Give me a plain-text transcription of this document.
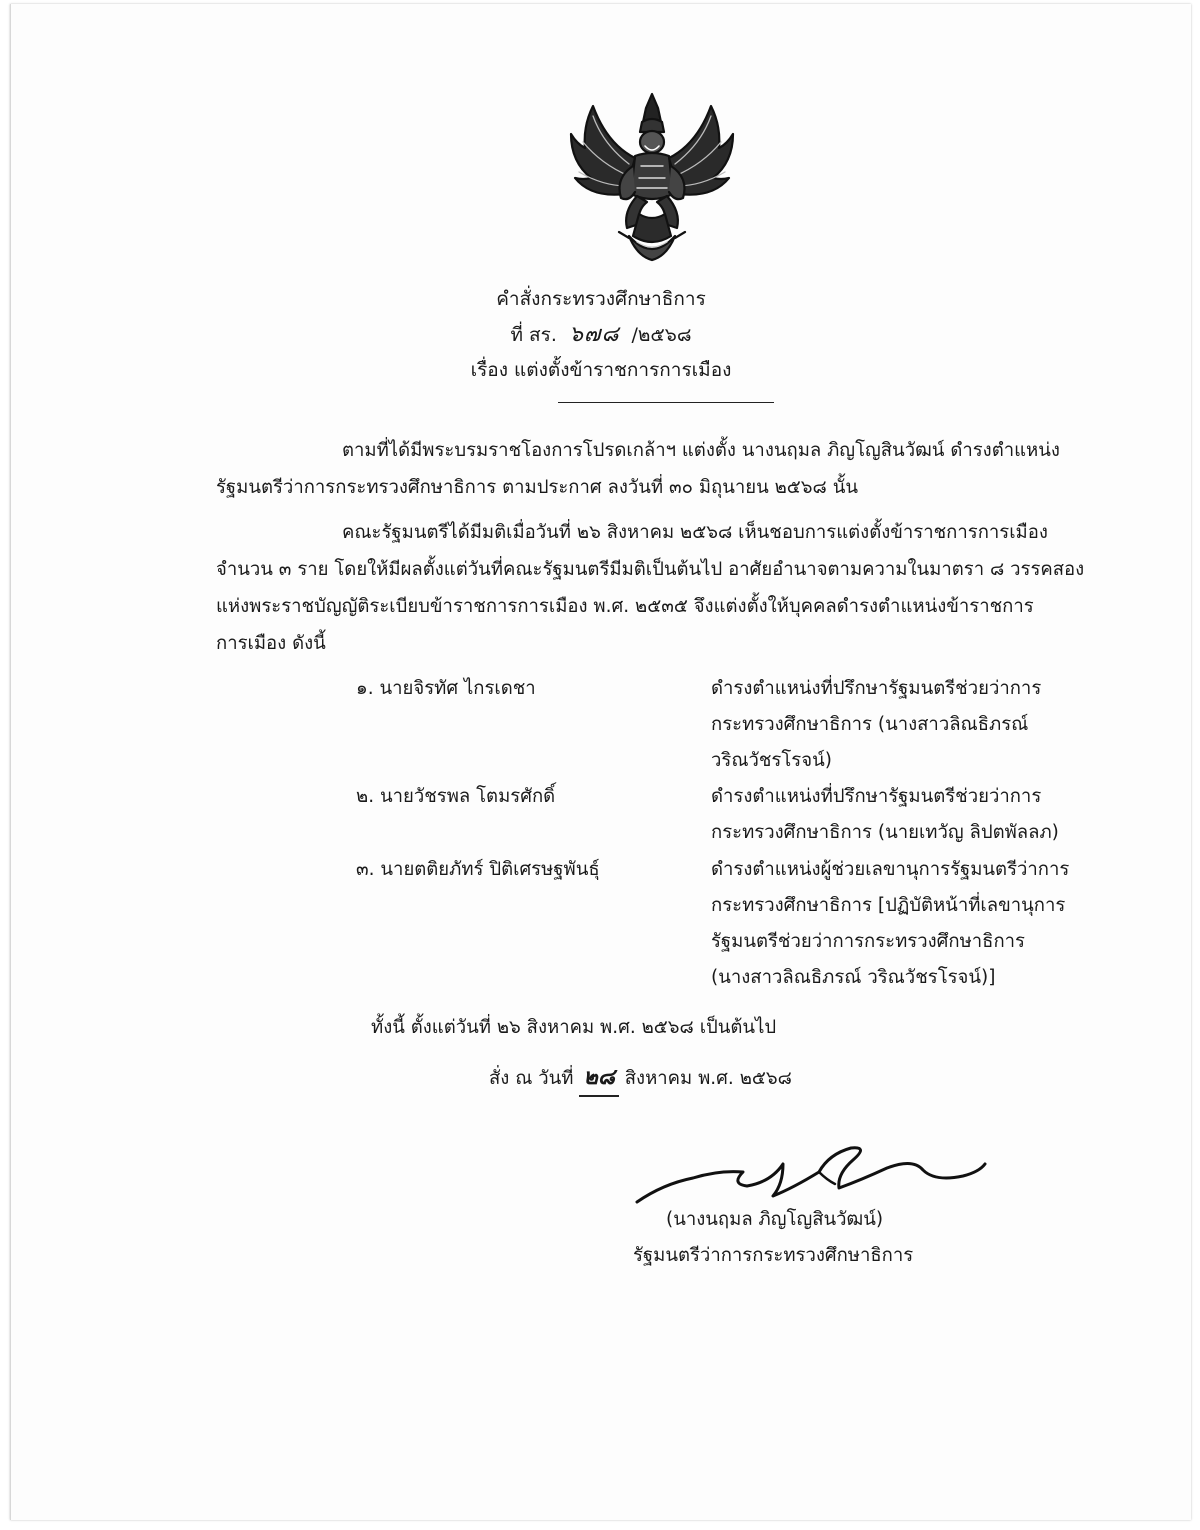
คำสั่งกระทรวงศึกษาธิการ
ที่ สร. ๖๗๘ /๒๕๖๘
เรื่อง แต่งตั้งข้าราชการการเมือง
ตามที่ได้มีพระบรมราชโองการโปรดเกล้าฯ แต่งตั้ง นางนฤมล ภิญโญสินวัฒน์ ดำรงตำแหน่ง
รัฐมนตรีว่าการกระทรวงศึกษาธิการ ตามประกาศ ลงวันที่ ๓๐ มิถุนายน ๒๕๖๘ นั้น
คณะรัฐมนตรีได้มีมติเมื่อวันที่ ๒๖ สิงหาคม ๒๕๖๘ เห็นชอบการแต่งตั้งข้าราชการการเมือง
จำนวน ๓ ราย โดยให้มีผลตั้งแต่วันที่คณะรัฐมนตรีมีมติเป็นต้นไป อาศัยอำนาจตามความในมาตรา ๘ วรรคสอง
แห่งพระราชบัญญัติระเบียบข้าราชการการเมือง พ.ศ. ๒๕๓๕ จึงแต่งตั้งให้บุคคลดำรงตำแหน่งข้าราชการ
การเมือง ดังนี้
๑. นายจิรทัศ ไกรเดชา	ดำรงตำแหน่งที่ปรึกษารัฐมนตรีช่วยว่าการ
กระทรวงศึกษาธิการ (นางสาวลิณธิภรณ์
วริณวัชรโรจน์)
๒. นายวัชรพล โตมรศักดิ์	ดำรงตำแหน่งที่ปรึกษารัฐมนตรีช่วยว่าการ
กระทรวงศึกษาธิการ (นายเทวัญ ลิปตพัลลภ)
๓. นายตติยภัทร์ ปิติเศรษฐพันธุ์	ดำรงตำแหน่งผู้ช่วยเลขานุการรัฐมนตรีว่าการ
กระทรวงศึกษาธิการ [ปฏิบัติหน้าที่เลขานุการ
รัฐมนตรีช่วยว่าการกระทรวงศึกษาธิการ
(นางสาวลิณธิภรณ์ วริณวัชรโรจน์)]
ทั้งนี้ ตั้งแต่วันที่ ๒๖ สิงหาคม พ.ศ. ๒๕๖๘ เป็นต้นไป
สั่ง ณ วันที่ ๒๘ สิงหาคม พ.ศ. ๒๕๖๘
(นางนฤมล ภิญโญสินวัฒน์)
รัฐมนตรีว่าการกระทรวงศึกษาธิการ
